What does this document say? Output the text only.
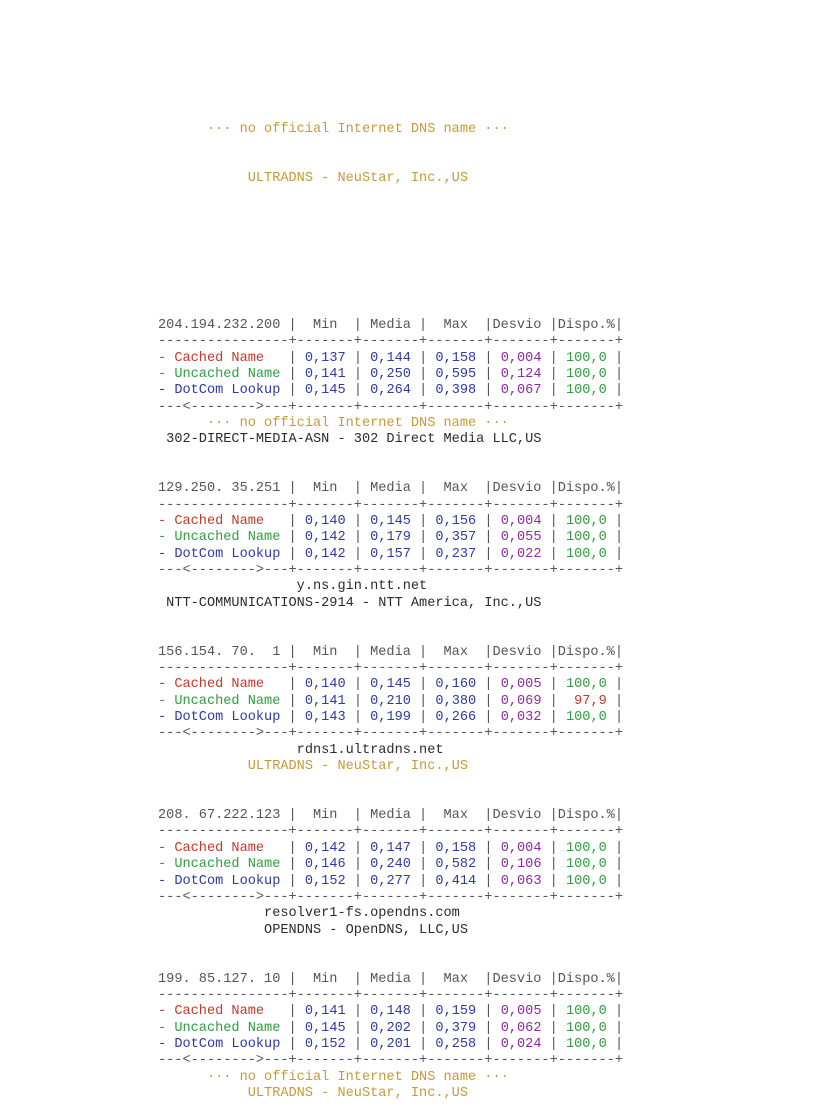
··· no official Internet DNS name ···

ULTRADNS - NeuStar, Inc.,US

204.194.232.200 |  Min  | Media |  Max  |Desvio |Dispo.%|
----------------+-------+-------+-------+-------+-------+
- Cached Name   | 0,137 | 0,144 | 0,158 | 0,004 | 100,0 |
- Uncached Name | 0,141 | 0,250 | 0,595 | 0,124 | 100,0 |
- DotCom Lookup | 0,145 | 0,264 | 0,398 | 0,067 | 100,0 |
---<-------->---+-------+-------+-------+-------+-------+
··· no official Internet DNS name ···
302-DIRECT-MEDIA-ASN - 302 Direct Media LLC,US

129.250. 35.251 |  Min  | Media |  Max  |Desvio |Dispo.%|
----------------+-------+-------+-------+-------+-------+
- Cached Name   | 0,140 | 0,145 | 0,156 | 0,004 | 100,0 |
- Uncached Name | 0,142 | 0,179 | 0,357 | 0,055 | 100,0 |
- DotCom Lookup | 0,142 | 0,157 | 0,237 | 0,022 | 100,0 |
---<-------->---+-------+-------+-------+-------+-------+
y.ns.gin.ntt.net
NTT-COMMUNICATIONS-2914 - NTT America, Inc.,US

156.154. 70.  1 |  Min  | Media |  Max  |Desvio |Dispo.%|
----------------+-------+-------+-------+-------+-------+
- Cached Name   | 0,140 | 0,145 | 0,160 | 0,005 | 100,0 |
- Uncached Name | 0,141 | 0,210 | 0,380 | 0,069 |  97,9 |
- DotCom Lookup | 0,143 | 0,199 | 0,266 | 0,032 | 100,0 |
---<-------->---+-------+-------+-------+-------+-------+
rdns1.ultradns.net
ULTRADNS - NeuStar, Inc.,US

208. 67.222.123 |  Min  | Media |  Max  |Desvio |Dispo.%|
----------------+-------+-------+-------+-------+-------+
- Cached Name   | 0,142 | 0,147 | 0,158 | 0,004 | 100,0 |
- Uncached Name | 0,146 | 0,240 | 0,582 | 0,106 | 100,0 |
- DotCom Lookup | 0,152 | 0,277 | 0,414 | 0,063 | 100,0 |
---<-------->---+-------+-------+-------+-------+-------+
resolver1-fs.opendns.com
OPENDNS - OpenDNS, LLC,US

199. 85.127. 10 |  Min  | Media |  Max  |Desvio |Dispo.%|
----------------+-------+-------+-------+-------+-------+
- Cached Name   | 0,141 | 0,148 | 0,159 | 0,005 | 100,0 |
- Uncached Name | 0,145 | 0,202 | 0,379 | 0,062 | 100,0 |
- DotCom Lookup | 0,152 | 0,201 | 0,258 | 0,024 | 100,0 |
---<-------->---+-------+-------+-------+-------+-------+
··· no official Internet DNS name ···
ULTRADNS - NeuStar, Inc.,US
